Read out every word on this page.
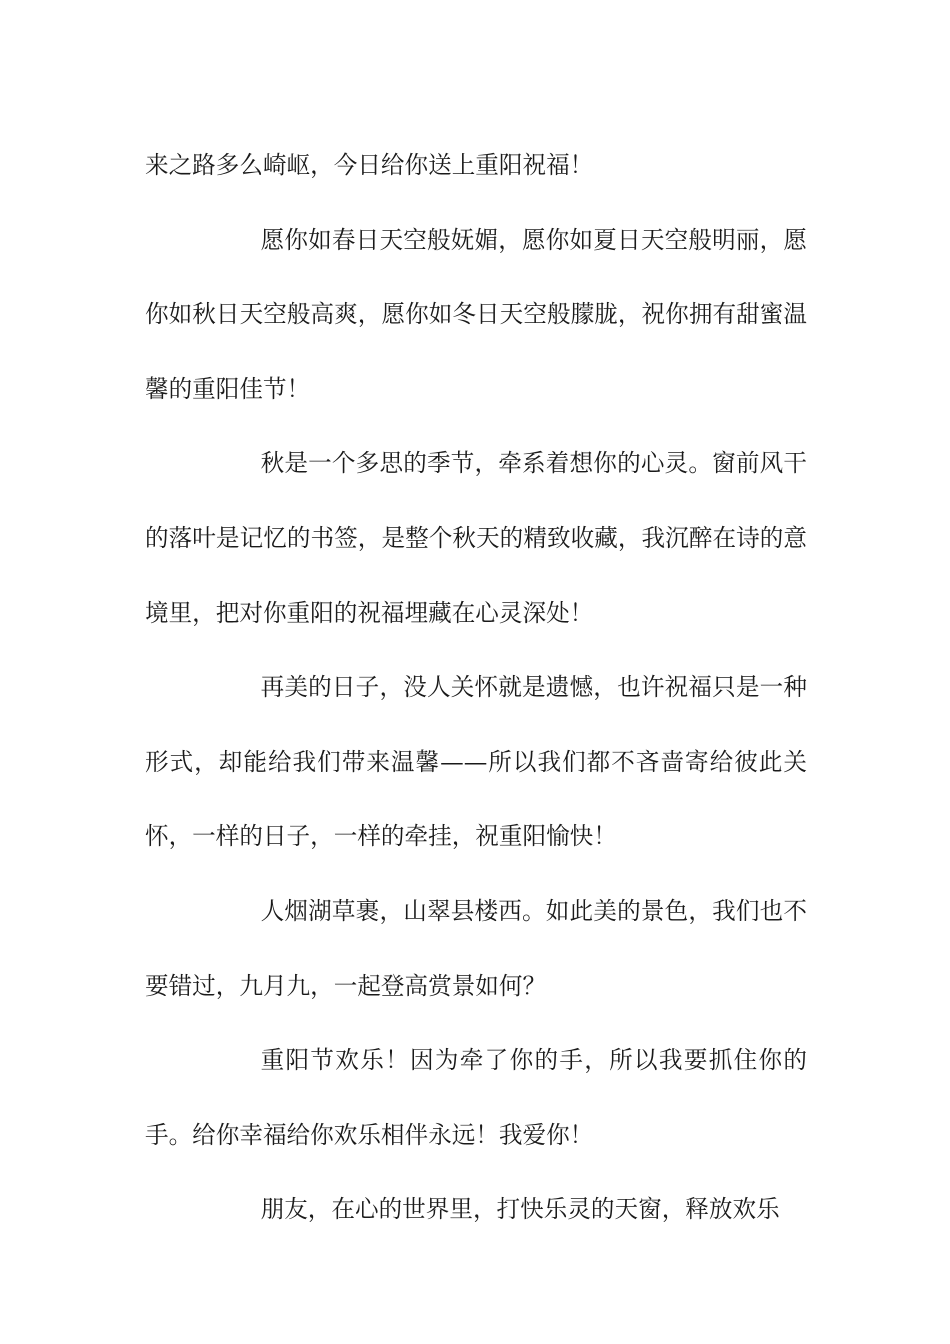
来之路多么崎岖，今日给你送上重阳祝福！

愿你如春日天空般妩媚，愿你如夏日天空般明丽，愿你如秋日天空般高爽，愿你如冬日天空般朦胧，祝你拥有甜蜜温馨的重阳佳节！

秋是一个多思的季节，牵系着想你的心灵。窗前风干的落叶是记忆的书签，是整个秋天的精致收藏，我沉醉在诗的意境里，把对你重阳的祝福埋藏在心灵深处！

再美的日子，没人关怀就是遗憾，也许祝福只是一种形式，却能给我们带来温馨——所以我们都不吝啬寄给彼此关怀，一样的日子，一样的牵挂，祝重阳愉快！

人烟湖草裹，山翠县楼西。如此美的景色，我们也不要错过，九月九，一起登高赏景如何？

重阳节欢乐！因为牵了你的手，所以我要抓住你的手。给你幸福给你欢乐相伴永远！我爱你！

朋友，在心的世界里，打快乐灵的天窗，释放欢乐
